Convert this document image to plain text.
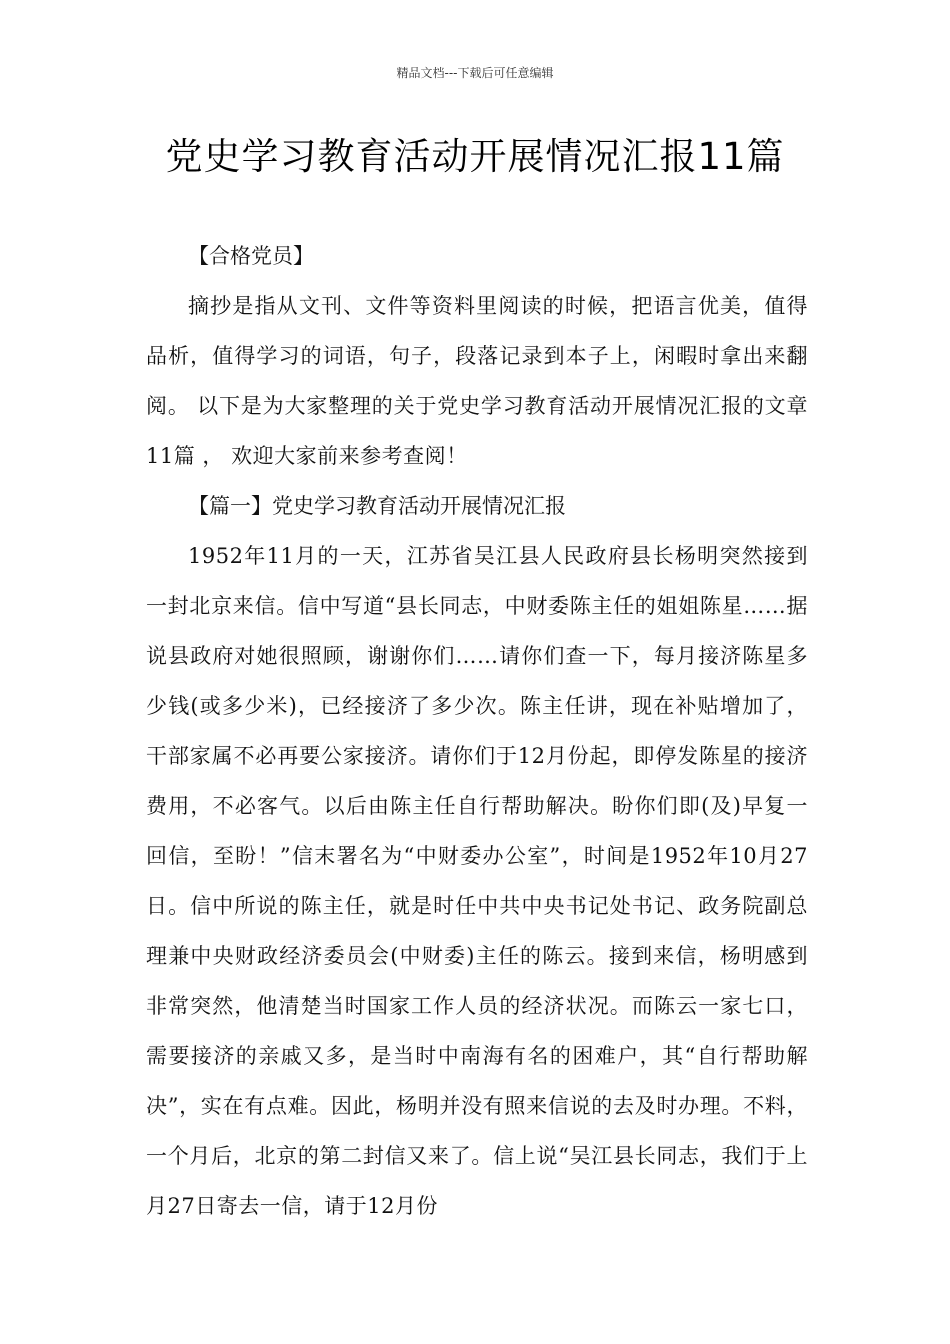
精品文档---下载后可任意编辑
党史学习教育活动开展情况汇报11篇

【合格党员】

摘抄是指从文刊、文件等资料里阅读的时候，把语言优美，值得品析，值得学习的词语，句子，段落记录到本子上，闲暇时拿出来翻阅。 以下是为大家整理的关于党史学习教育活动开展情况汇报的文章11篇 ， 欢迎大家前来参考查阅！

【篇一】党史学习教育活动开展情况汇报

1952年11月的一天，江苏省吴江县人民政府县长杨明突然接到一封北京来信。信中写道“县长同志，中财委陈主任的姐姐陈星……据说县政府对她很照顾，谢谢你们……请你们查一下，每月接济陈星多少钱(或多少米)，已经接济了多少次。陈主任讲，现在补贴增加了，干部家属不必再要公家接济。请你们于12月份起，即停发陈星的接济费用，不必客气。以后由陈主任自行帮助解决。盼你们即(及)早复一回信，至盼！”信末署名为“中财委办公室”，时间是1952年10月27日。信中所说的陈主任，就是时任中共中央书记处书记、政务院副总理兼中央财政经济委员会(中财委)主任的陈云。接到来信，杨明感到非常突然，他清楚当时国家工作人员的经济状况。而陈云一家七口，需要接济的亲戚又多，是当时中南海有名的困难户，其“自行帮助解决”，实在有点难。因此，杨明并没有照来信说的去及时办理。不料，一个月后，北京的第二封信又来了。信上说“吴江县长同志，我们于上月27日寄去一信，请于12月份
